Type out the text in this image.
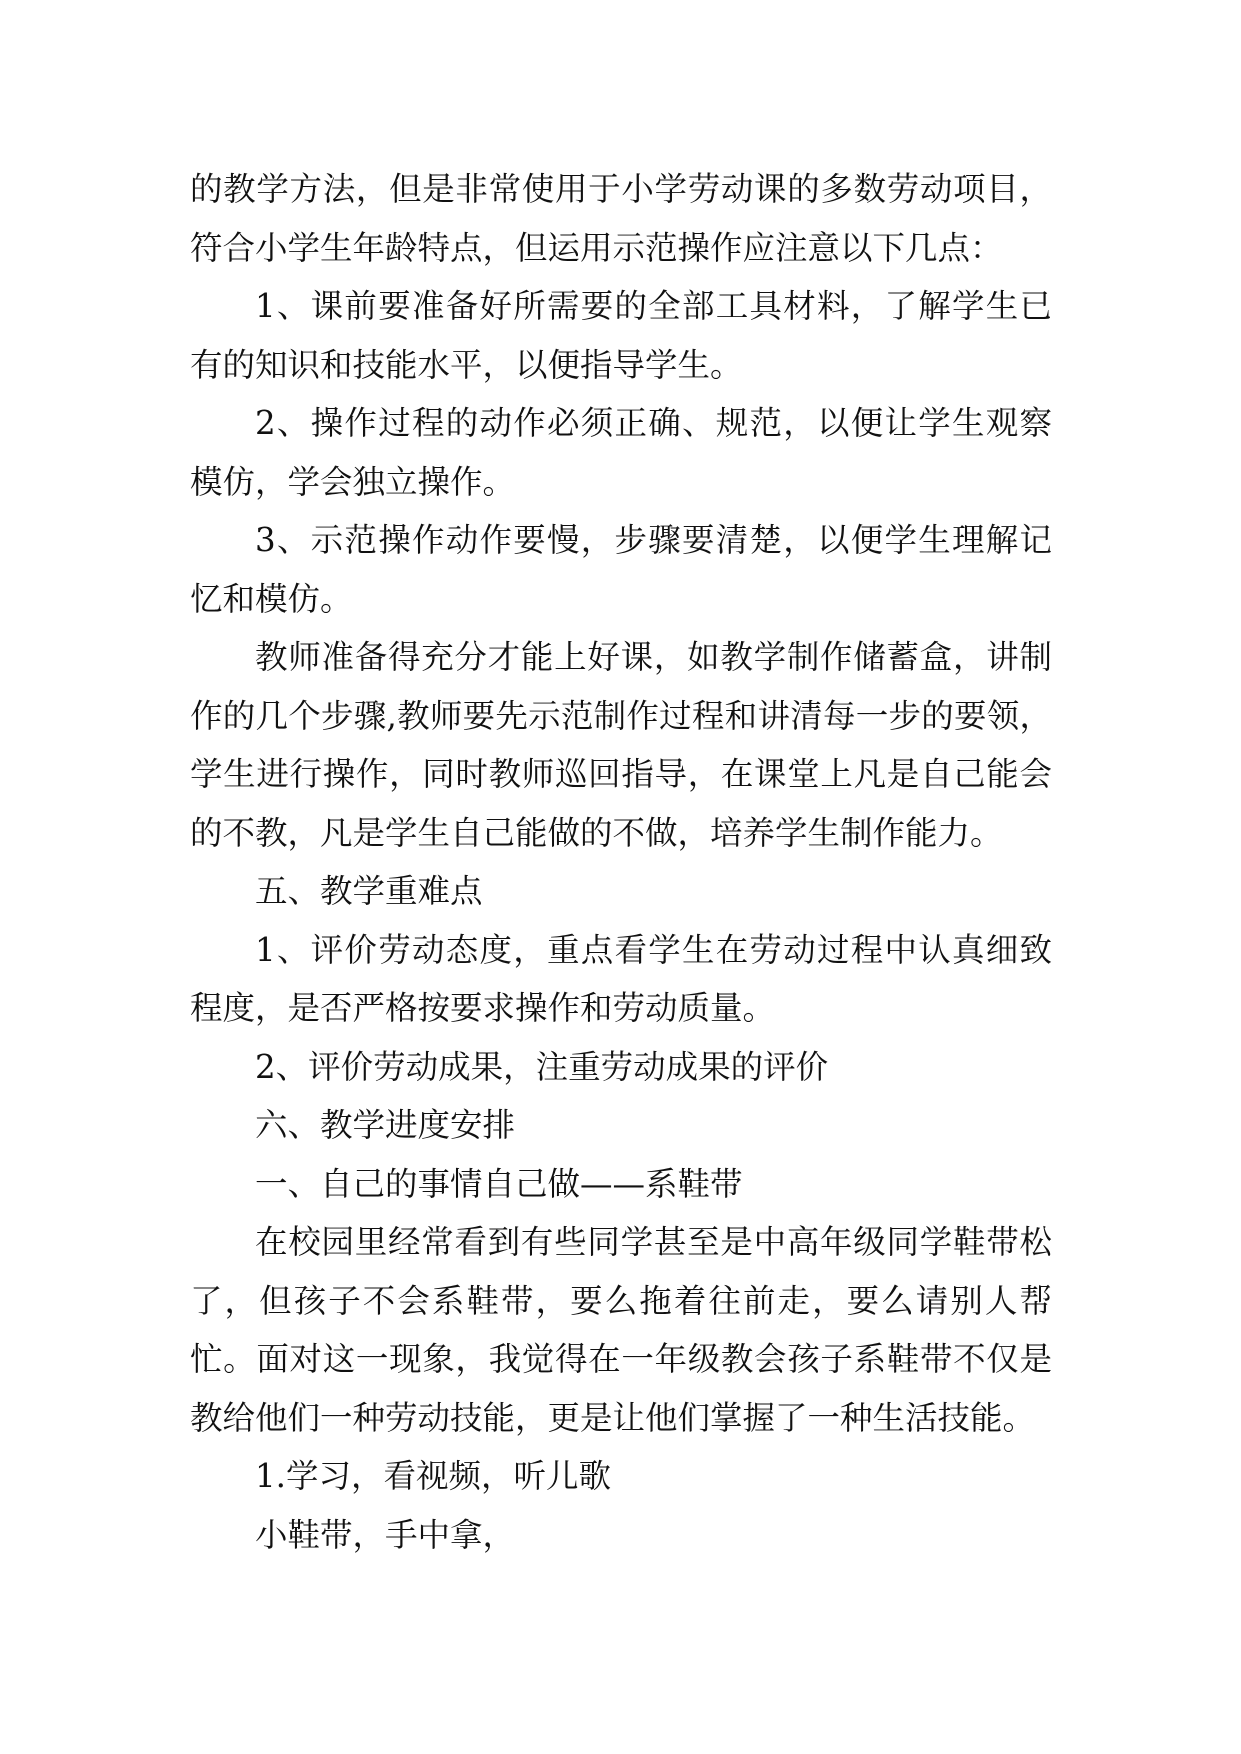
的教学方法，但是非常使用于小学劳动课的多数劳动项目，符合小学生年龄特点，但运用示范操作应注意以下几点：

1、课前要准备好所需要的全部工具材料，了解学生已有的知识和技能水平，以便指导学生。

2、操作过程的动作必须正确、规范，以便让学生观察模仿，学会独立操作。

3、示范操作动作要慢，步骤要清楚，以便学生理解记忆和模仿。

教师准备得充分才能上好课，如教学制作储蓄盒，讲制作的几个步骤,教师要先示范制作过程和讲清每一步的要领，学生进行操作，同时教师巡回指导，在课堂上凡是自己能会的不教，凡是学生自己能做的不做，培养学生制作能力。

五、教学重难点

1、评价劳动态度，重点看学生在劳动过程中认真细致程度，是否严格按要求操作和劳动质量。

2、评价劳动成果，注重劳动成果的评价

六、教学进度安排

一、自己的事情自己做——系鞋带

在校园里经常看到有些同学甚至是中高年级同学鞋带松了，但孩子不会系鞋带，要么拖着往前走，要么请别人帮忙。面对这一现象，我觉得在一年级教会孩子系鞋带不仅是教给他们一种劳动技能，更是让他们掌握了一种生活技能。

1.学习，看视频，听儿歌

小鞋带，手中拿，
